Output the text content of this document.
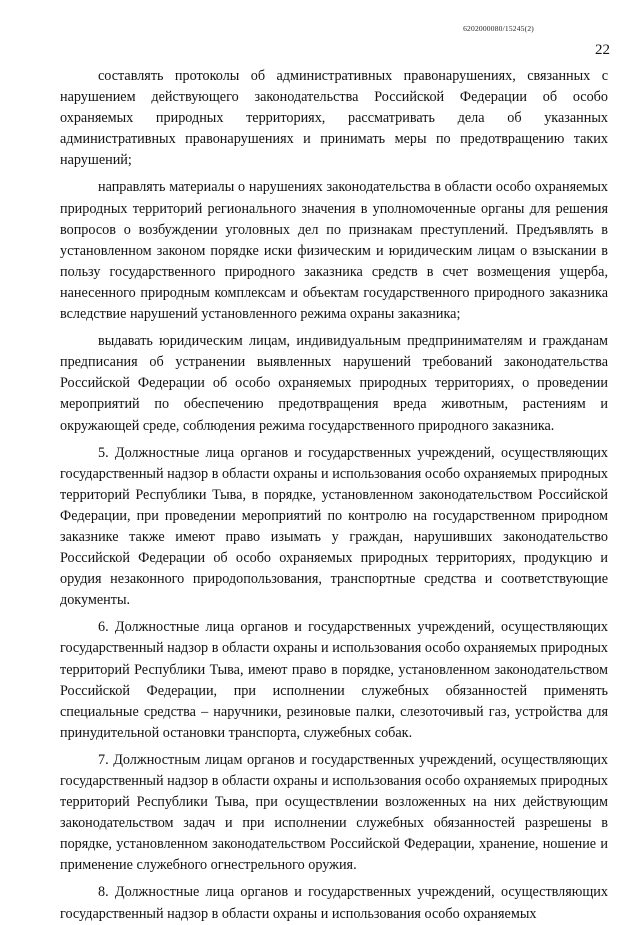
6202000080/15245(2)
22

составлять протоколы об административных правонарушениях, связанных с нарушением действующего законодательства Российской Федерации об особо охраняемых природных территориях, рассматривать дела об указанных административных правонарушениях и принимать меры по предотвращению таких нарушений;

направлять материалы о нарушениях законодательства в области особо охраняемых природных территорий регионального значения в уполномоченные органы для решения вопросов о возбуждении уголовных дел по признакам преступлений. Предъявлять в установленном законом порядке иски физическим и юридическим лицам о взыскании в пользу государственного природного заказника средств в счет возмещения ущерба, нанесенного природным комплексам и объектам государственного природного заказника вследствие нарушений установленного режима охраны заказника;

выдавать юридическим лицам, индивидуальным предпринимателям и гражданам предписания об устранении выявленных нарушений требований законодательства Российской Федерации об особо охраняемых природных территориях, о проведении мероприятий по обеспечению предотвращения вреда животным, растениям и окружающей среде, соблюдения режима государственного природного заказника.

5. Должностные лица органов и государственных учреждений, осуществляющих государственный надзор в области охраны и использования особо охраняемых природных территорий Республики Тыва, в порядке, установленном законодательством Российской Федерации, при проведении мероприятий по контролю на государственном природном заказнике также имеют право изымать у граждан, нарушивших законодательство Российской Федерации об особо охраняемых природных территориях, продукцию и орудия незаконного природопользования, транспортные средства и соответствующие документы.

6. Должностные лица органов и государственных учреждений, осуществляющих государственный надзор в области охраны и использования особо охраняемых природных территорий Республики Тыва, имеют право в порядке, установленном законодательством Российской Федерации, при исполнении служебных обязанностей применять специальные средства – наручники, резиновые палки, слезоточивый газ, устройства для принудительной остановки транспорта, служебных собак.

7. Должностным лицам органов и государственных учреждений, осуществляющих государственный надзор в области охраны и использования особо охраняемых природных территорий Республики Тыва, при осуществлении возложенных на них действующим законодательством задач и при исполнении служебных обязанностей разрешены в порядке, установленном законодательством Российской Федерации, хранение, ношение и применение служебного огнестрельного оружия.

8. Должностные лица органов и государственных учреждений, осуществляющих государственный надзор в области охраны и использования особо охраняемых
